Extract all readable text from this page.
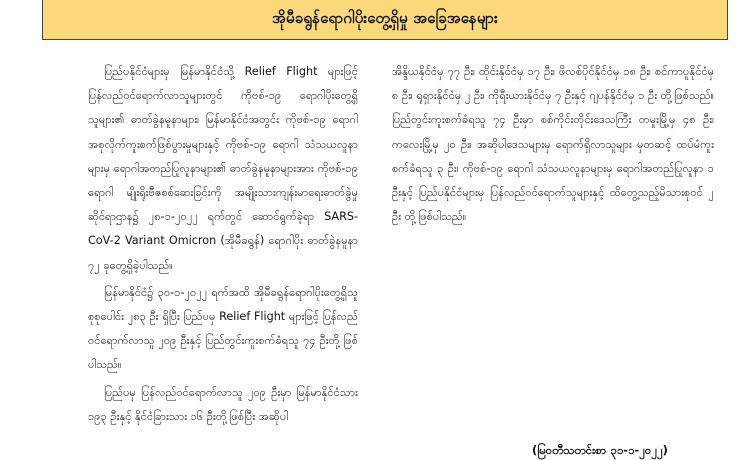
အိုမီခရွန်ရောဂါပိုးတွေ့ရှိမှု အခြေအနေများ

ပြည်ပနိုင်ငံများမှ မြန်မာနိုင်ငံသို့ Relief Flight များဖြင့် ပြန်လည်ဝင်ရောက်လာသူများတွင် ကိုဗစ်-၁၉ ရောဂါပိုးတွေ့ရှိသူများ၏ ဓာတ်ခွဲနမူနာများ၊ မြန်မာနိုင်ငံအတွင်း ကိုဗစ်-၁၉ ရောဂါ အစုလိုက်ကူးစက်ဖြစ်ပွားမှုများနှင့် ကိုဗစ်-၁၉ ရောဂါ သံသယလူနာများမှ ရောဂါအတည်ပြုလူနာများ၏ ဓာတ်ခွဲနမူနာများအား ကိုဗစ်-၁၉ ရောဂါ မျိုးရိုးဗီဇစစ်ဆေးခြင်းကို အမျိုးသားကျန်းမာရေးဓာတ်ခွဲမှုဆိုင်ရာဌာန၌ ၂၈-၁-၂၀၂၂ ရက်တွင် ဆောင်ရွက်ခဲ့ရာ SARS-CoV-2 Variant Omicron (အိုမီခရွန်) ရောဂါပိုး ဓာတ်ခွဲနမူနာ ၇၂ ခုတွေ့ရှိခဲ့ပါသည်။

မြန်မာနိုင်ငံ၌ ၃၀-၁-၂၀၂၂ ရက်အထိ အိုမီခရွန်ရောဂါပိုးတွေ့ရှိသူစုစုပေါင်း ၂၈၃ ဦး ရှိပြီး ပြည်ပမှ Relief Flight များဖြင့် ပြန်လည်ဝင်ရောက်လာသူ ၂၀၉ ဦးနှင့် ပြည်တွင်းကူးစက်ခံရသူ ၇၄ ဦးတို့ ဖြစ်ပါသည်။

ပြည်ပမှ ပြန်လည်ဝင်ရောက်လာသူ ၂၀၉ ဦးမှာ မြန်မာနိုင်ငံသား ၁၉၃ ဦးနှင့် နိုင်ငံခြားသား ၁၆ ဦးတို့ဖြစ်ပြီး အဆိုပါ

အိန္ဒိယနိုင်ငံမှ ၇၇ ဦး၊ ထိုင်းနိုင်ငံမှ ၁၇ ဦး၊ ဖိလစ်ပိုင်နိုင်ငံမှ ၁၈ ဦး၊ စင်ကာပူနိုင်ငံမှ ၈ ဦး၊ ရုရှားနိုင်ငံမှ ၂ ဦး၊ ကိုရီးယားနိုင်ငံမှ ၇ ဦးနှင့် ဂျပန်နိုင်ငံမှ ၁ ဦး တို့ဖြစ်သည်။ ပြည်တွင်းကူးစက်ခံရသူ ၇၄ ဦးမှာ စစ်ကိုင်းတိုင်းဒေသကြီး တမူးမြို့မှ ၄၈ ဦး၊ ကလေးမြို့မှ ၂၀ ဦး၊ အဆိုပါဒေသများမှ ရောက်ရှိလာသူများ မှတဆင့် ထပ်မံကူးစက်ခံရသူ ၃ ဦး၊ ကိုဗစ်-၁၉ ရောဂါ သံသယလူနာများမှ ရောဂါအတည်ပြုလူနာ ၁ ဦးနှင့် ပြည်ပနိုင်ငံများမှ ပြန်လည်ဝင်ရောက်သူများနှင့် ထိတွေ့သည့်မိသားစုဝင် ၂ ဦး တို့ဖြစ်ပါသည်။

(မြဝတီသတင်းစာ ၃၁-၁-၂၀၂၂)
